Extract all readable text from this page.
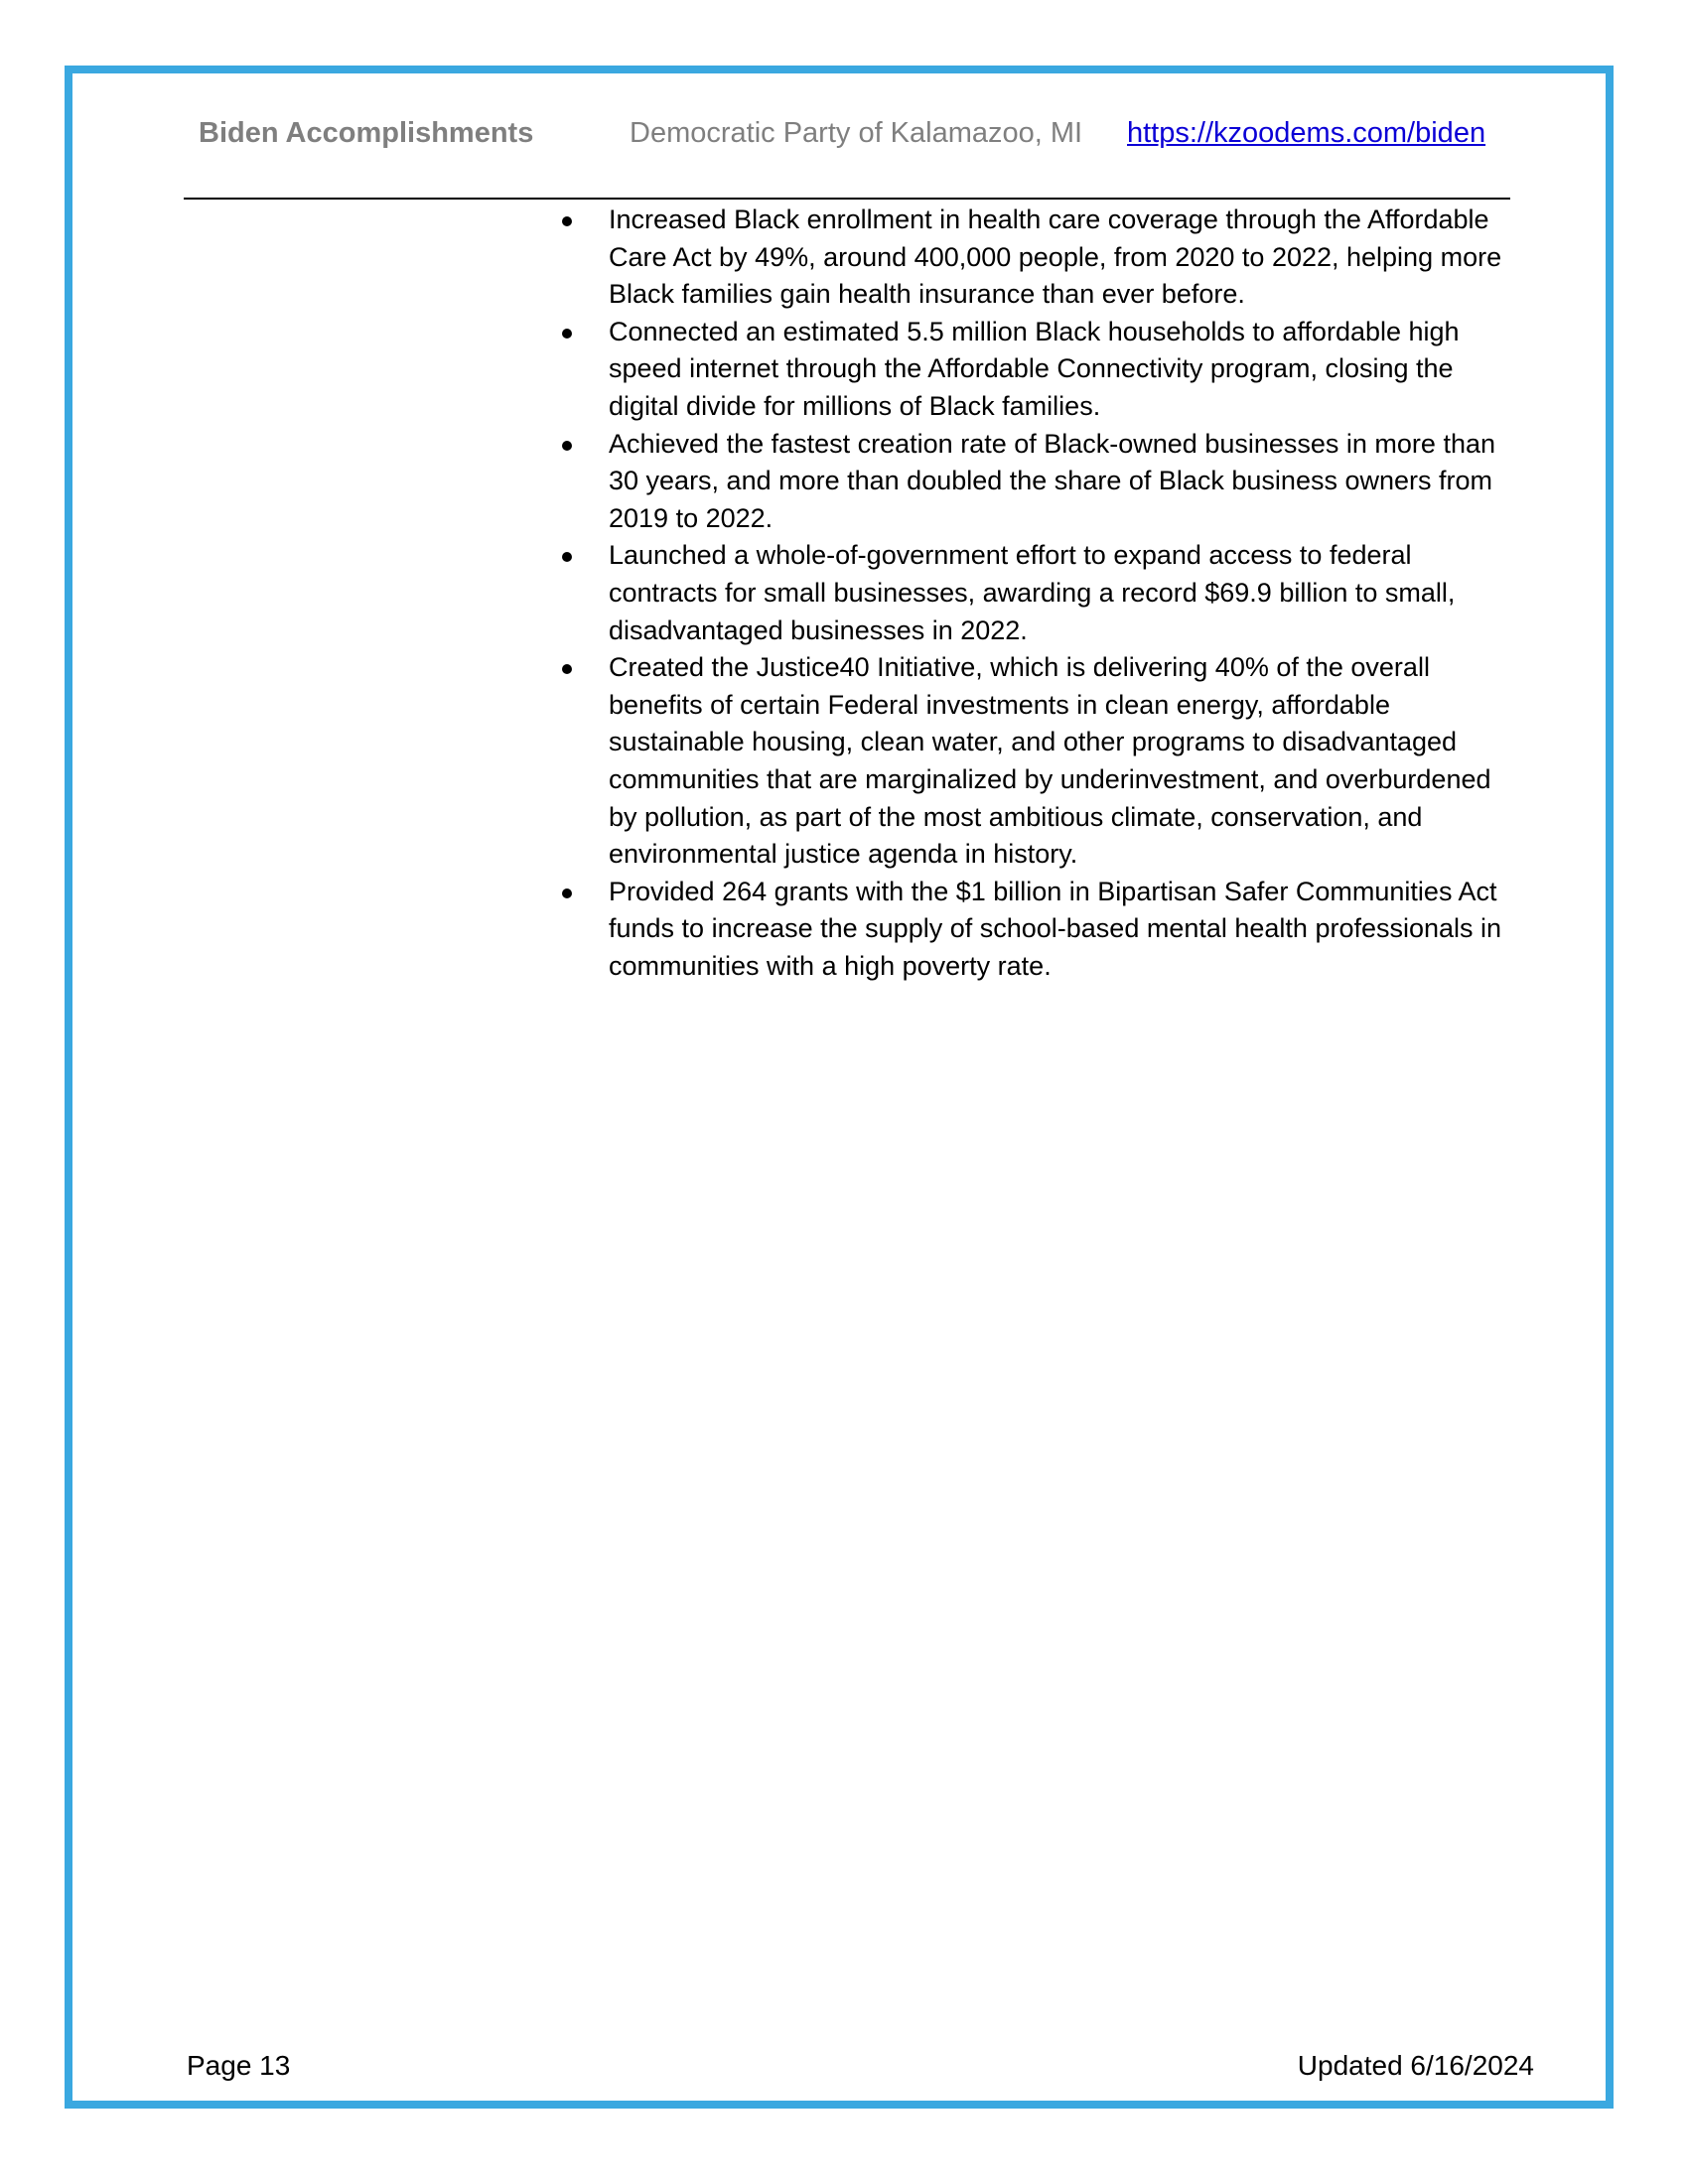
Biden Accomplishments	Democratic Party of Kalamazoo, MI https://kzoodems.com/biden
Increased Black enrollment in health care coverage through the Affordable Care Act by 49%, around 400,000 people, from 2020 to 2022, helping more Black families gain health insurance than ever before.
Connected an estimated 5.5 million Black households to affordable high speed internet through the Affordable Connectivity program, closing the digital divide for millions of Black families.
Achieved the fastest creation rate of Black-owned businesses in more than 30 years, and more than doubled the share of Black business owners from 2019 to 2022.
Launched a whole-of-government effort to expand access to federal contracts for small businesses, awarding a record $69.9 billion to small, disadvantaged businesses in 2022.
Created the Justice40 Initiative, which is delivering 40% of the overall benefits of certain Federal investments in clean energy, affordable sustainable housing, clean water, and other programs to disadvantaged communities that are marginalized by underinvestment, and overburdened by pollution, as part of the most ambitious climate, conservation, and environmental justice agenda in history.
Provided 264 grants with the $1 billion in Bipartisan Safer Communities Act funds to increase the supply of school-based mental health professionals in communities with a high poverty rate.
Page 13	Updated 6/16/2024
